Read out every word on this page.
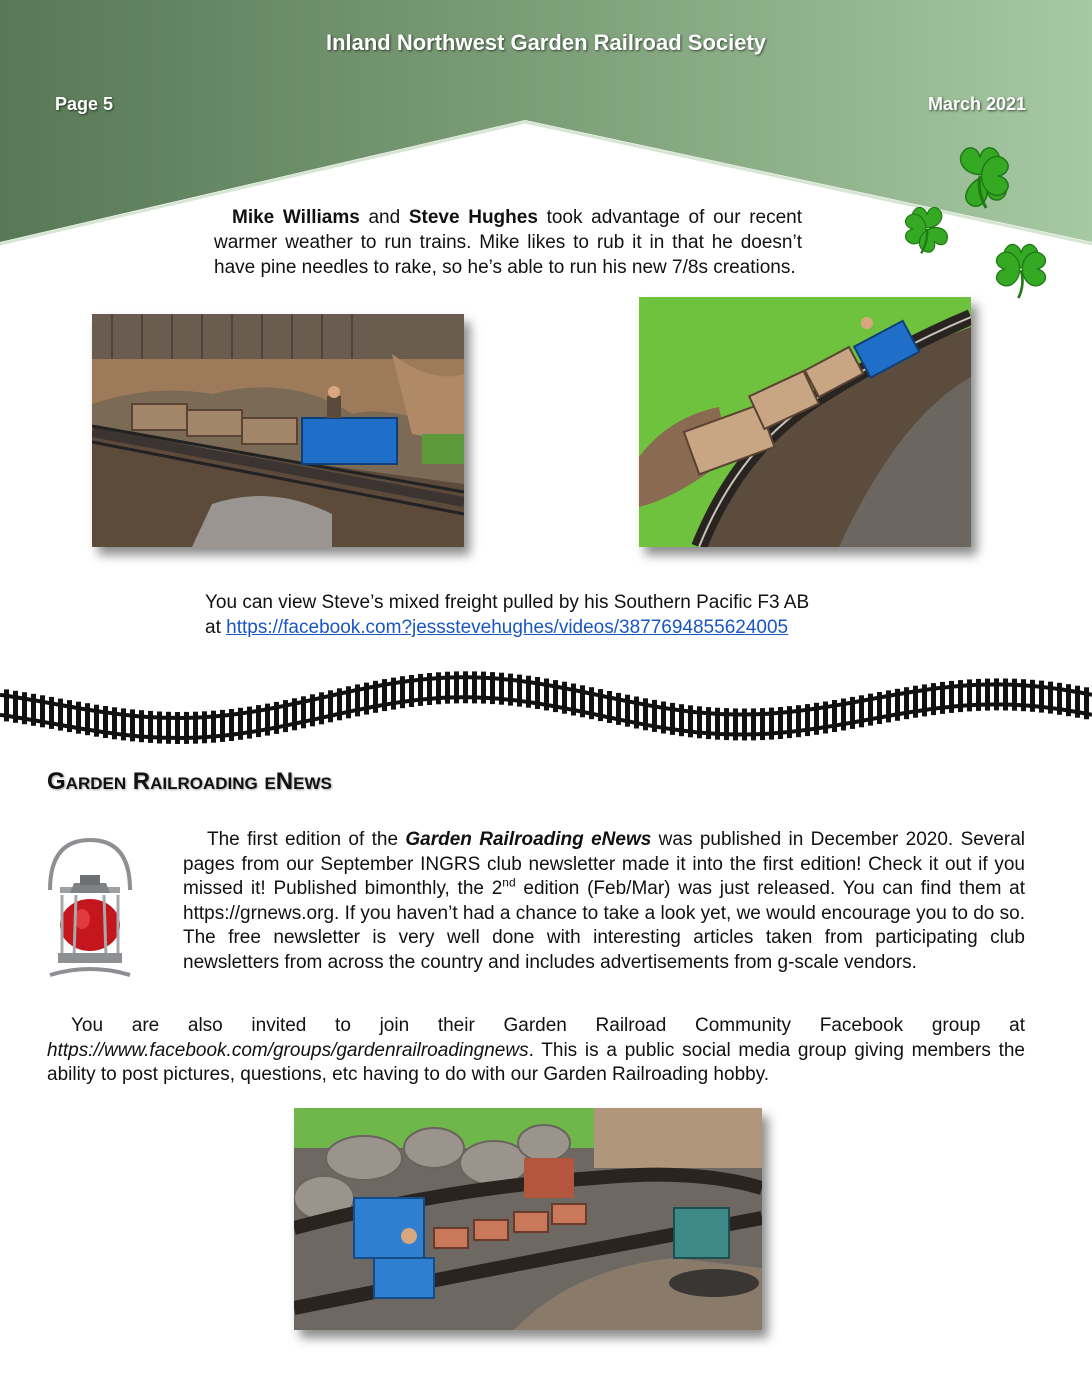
Inland Northwest Garden Railroad Society
Page 5	March 2021

Mike Williams and Steve Hughes took advantage of our recent warmer weather to run trains. Mike likes to rub it in that he doesn’t have pine needles to rake, so he’s able to run his new 7/8s creations.

You can view Steve’s mixed freight pulled by his Southern Pacific F3 AB
at https://facebook.com?jessstevehughes/videos/3877694855624005
Garden Railroading eNews

The first edition of the Garden Railroading eNews was published in December 2020. Several pages from our September INGRS club newsletter made it into the first edition! Check it out if you missed it! Published bimonthly, the 2nd edition (Feb/Mar) was just released. You can find them at https://grnews.org. If you haven’t had a chance to take a look yet, we would encourage you to do so. The free newsletter is very well done with interesting articles taken from participating club newsletters from across the country and includes advertisements from g-scale vendors.

You are also invited to join their Garden Railroad Community Facebook group at https://www.facebook.com/groups/gardenrailroadingnews. This is a public social media group giving members the ability to post pictures, questions, etc having to do with our Garden Railroading hobby.
